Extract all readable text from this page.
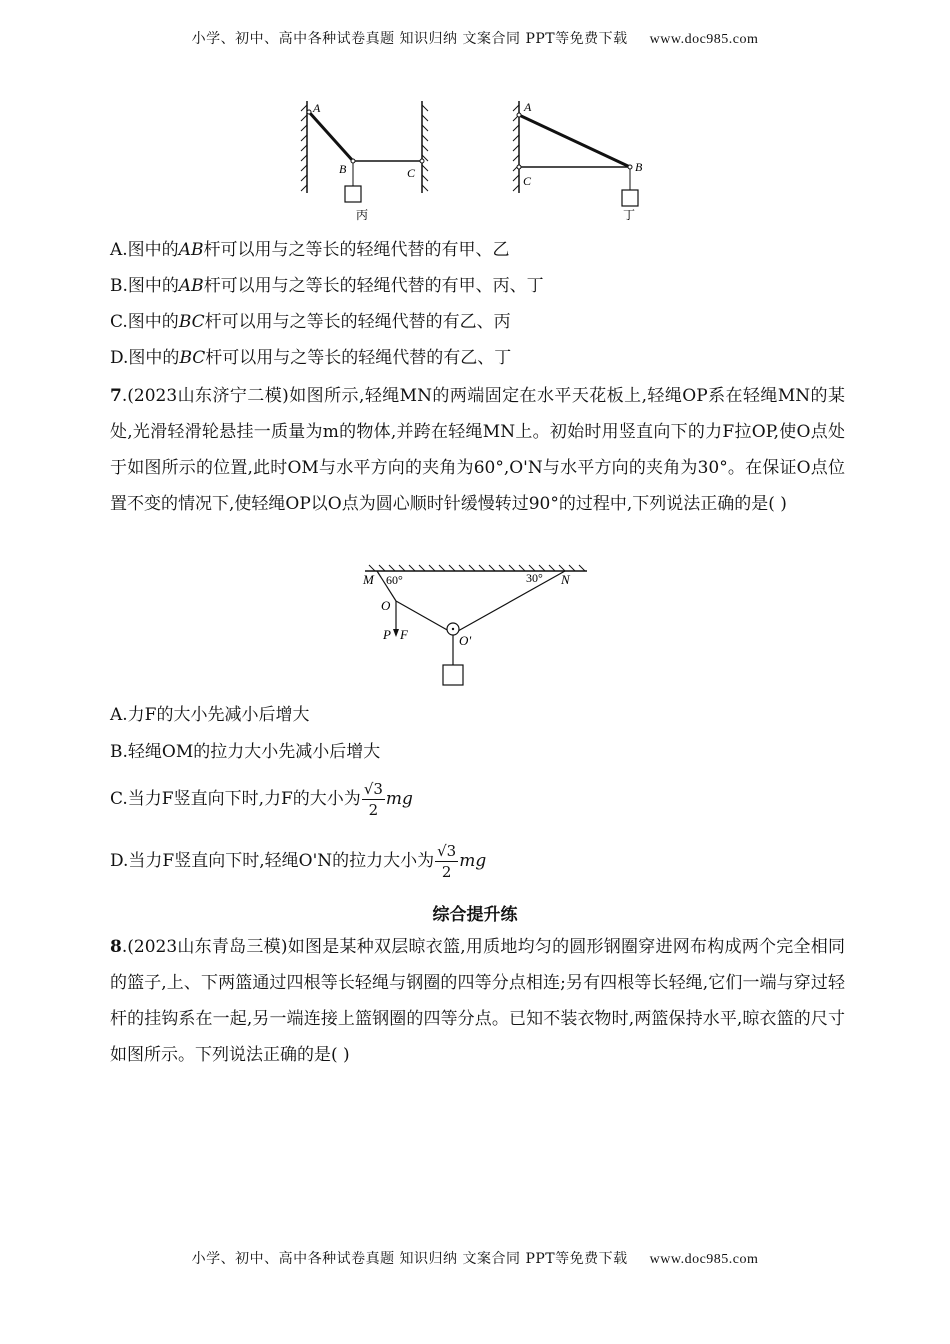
小学、初中、高中各种试卷真题 知识归纳 文案合同 PPT等免费下载 www.doc985.com
A
B	C
丙
A
B
C
丁
A.图中的AB杆可以用与之等长的轻绳代替的有甲、乙
B.图中的AB杆可以用与之等长的轻绳代替的有甲、丙、丁
C.图中的BC杆可以用与之等长的轻绳代替的有乙、丙
D.图中的BC杆可以用与之等长的轻绳代替的有乙、丁
7.(2023山东济宁二模)如图所示,轻绳MN的两端固定在水平天花板上,轻绳OP系在轻绳MN的某处,光滑轻滑轮悬挂一质量为m的物体,并跨在轻绳MN上。初始时用竖直向下的力F拉OP,使O点处于如图所示的位置,此时OM与水平方向的夹角为60°,O'N与水平方向的夹角为30°。在保证O点位置不变的情况下,使轻绳OP以O点为圆心顺时针缓慢转过90°的过程中,下列说法正确的是( )
M 60°	30° N
O
P F	O'
A.力F的大小先减小后增大
B.轻绳OM的拉力大小先减小后增大
C.当力F竖直向下时,力F的大小为 $\frac{√3}{2}$ mg
D.当力F竖直向下时,轻绳O'N的拉力大小为 $\frac{√3}{2}$ mg
综合提升练
8.(2023山东青岛三模)如图是某种双层晾衣篮,用质地均匀的圆形钢圈穿进网布构成两个完全相同的篮子,上、下两篮通过四根等长轻绳与钢圈的四等分点相连;另有四根等长轻绳,它们一端与穿过轻杆的挂钩系在一起,另一端连接上篮钢圈的四等分点。已知不装衣物时,两篮保持水平,晾衣篮的尺寸如图所示。下列说法正确的是( )
小学、初中、高中各种试卷真题 知识归纳 文案合同 PPT等免费下载 www.doc985.com
